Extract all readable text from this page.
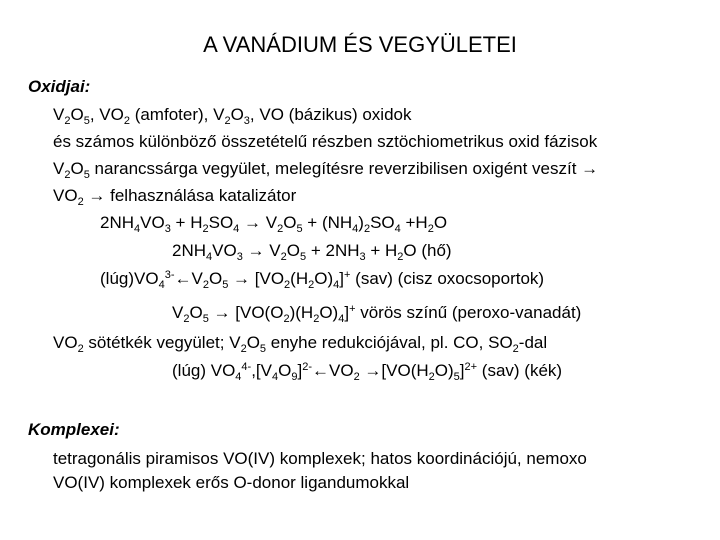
A VANÁDIUM ÉS VEGYÜLETEI
Oxidjai:
$V_2O_5$, $VO_2$ (amfoter), $V_2O_3$, VO (bázikus) oxidok
és számos különböző összetételű részben sztöchiometrikus oxid fázisok
$V_2O_5$ narancssárga vegyület, melegítésre reverzibilisen oxigént veszít →
$VO_2$ → felhasználása katalizátor
$2NH_4VO_3 + H_2SO_4 \to V_2O_5 + (NH_4)_2SO_4 +H_2O$
$2NH_4VO_3 \to V_2O_5 + 2NH_3 + H_2O$ (hő)
$(lúg)VO_4^{3-}\leftarrow V_2O_5 \to [VO_2(H_2O)_4]^+$ (sav) (cisz oxocsoportok)
$V_2O_5 \to [VO(O_2)(H_2O)_4]^+$ vörös színű (peroxo-vanadát)
$VO_2$ sötétkék vegyület; $V_2O_5$ enyhe redukciójával, pl. CO, $SO_2$-dal
(lúg) $VO_4^{4-},[V_4O_9]^{2-}\leftarrow VO_2 \to[VO(H_2O)_5]^{2+}$ (sav) (kék)
Komplexei:
tetragonális piramisos VO(IV) komplexek; hatos koordinációjú, nemoxo
VO(IV) komplexek erős O-donor ligandumokkal
